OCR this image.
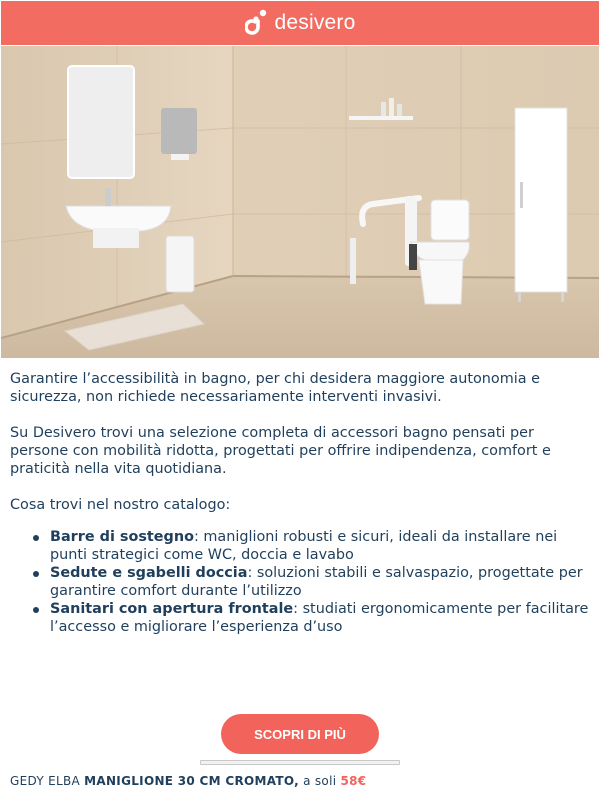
desivero

Garantire l’accessibilità in bagno, per chi desidera maggiore autonomia e sicurezza, non richiede necessariamente interventi invasivi.

Su Desivero trovi una selezione completa di accessori bagno pensati per persone con mobilità ridotta, progettati per offrire indipendenza, comfort e praticità nella vita quotidiana.

Cosa trovi nel nostro catalogo:

Barre di sostegno: maniglioni robusti e sicuri, ideali da installare nei punti strategici come WC, doccia e lavabo
Sedute e sgabelli doccia: soluzioni stabili e salvaspazio, progettate per garantire comfort durante l’utilizzo
Sanitari con apertura frontale: studiati ergonomicamente per facilitare l’accesso e migliorare l’esperienza d’uso
SCOPRI DI PIÙ
GEDY ELBA MANIGLIONE 30 CM CROMATO, a soli 58€
